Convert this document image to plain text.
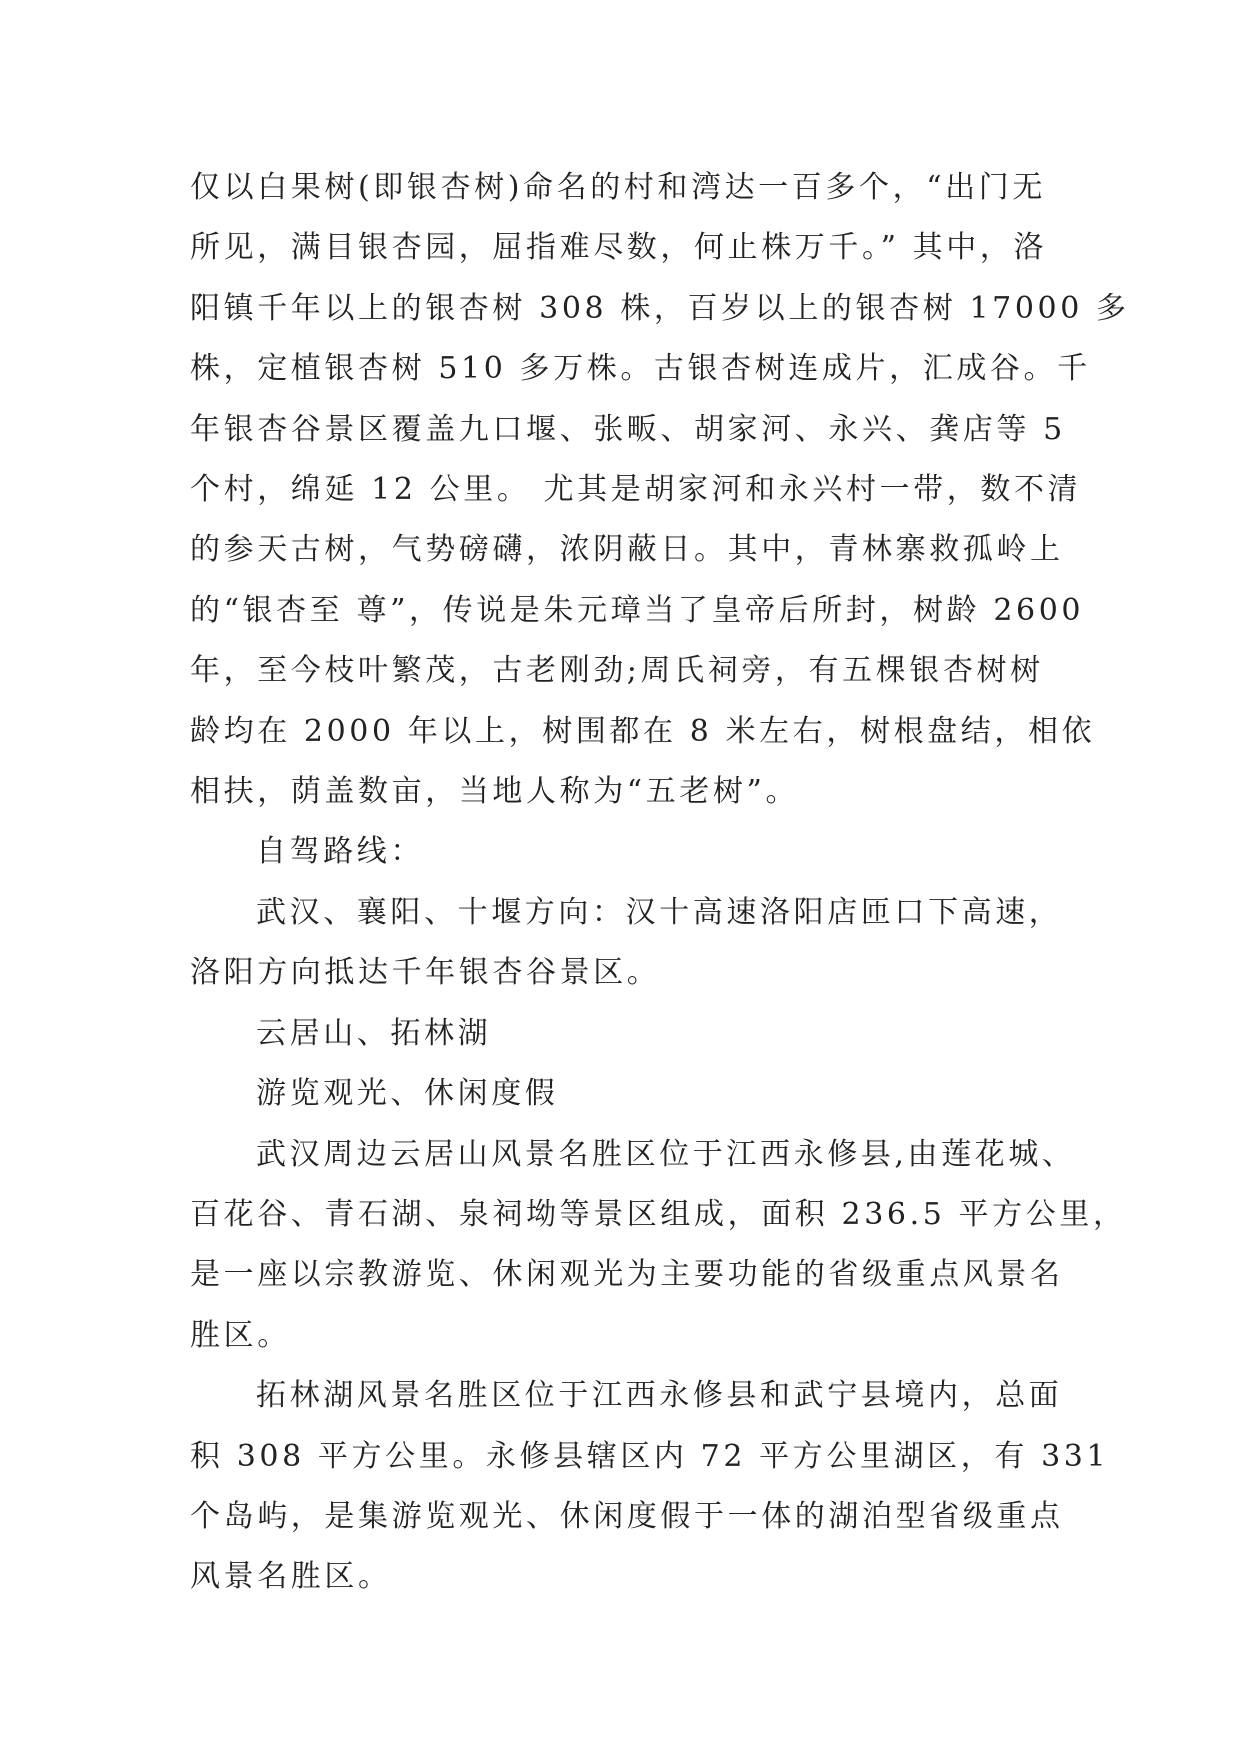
仅以白果树(即银杏树)命名的村和湾达一百多个，“出门无
所见，满目银杏园，屈指难尽数，何止株万千。” 其中，洛
阳镇千年以上的银杏树 308 株，百岁以上的银杏树 17000 多
株，定植银杏树 510 多万株。古银杏树连成片，汇成谷。千
年银杏谷景区覆盖九口堰、张畈、胡家河、永兴、龚店等 5
个村，绵延 12 公里。 尤其是胡家河和永兴村一带，数不清
的参天古树，气势磅礴，浓阴蔽日。其中，青林寨救孤岭上
的“银杏至 尊”，传说是朱元璋当了皇帝后所封，树龄 2600
年，至今枝叶繁茂，古老刚劲;周氏祠旁，有五棵银杏树树
龄均在 2000 年以上，树围都在 8 米左右，树根盘结，相依
相扶，荫盖数亩，当地人称为“五老树”。

自驾路线：

武汉、襄阳、十堰方向：汉十高速洛阳店匝口下高速，
洛阳方向抵达千年银杏谷景区。

云居山、拓林湖

游览观光、休闲度假

武汉周边云居山风景名胜区位于江西永修县,由莲花城、
百花谷、青石湖、泉祠坳等景区组成，面积 236.5 平方公里，
是一座以宗教游览、休闲观光为主要功能的省级重点风景名
胜区。

拓林湖风景名胜区位于江西永修县和武宁县境内，总面
积 308 平方公里。永修县辖区内 72 平方公里湖区，有 331
个岛屿，是集游览观光、休闲度假于一体的湖泊型省级重点
风景名胜区。
